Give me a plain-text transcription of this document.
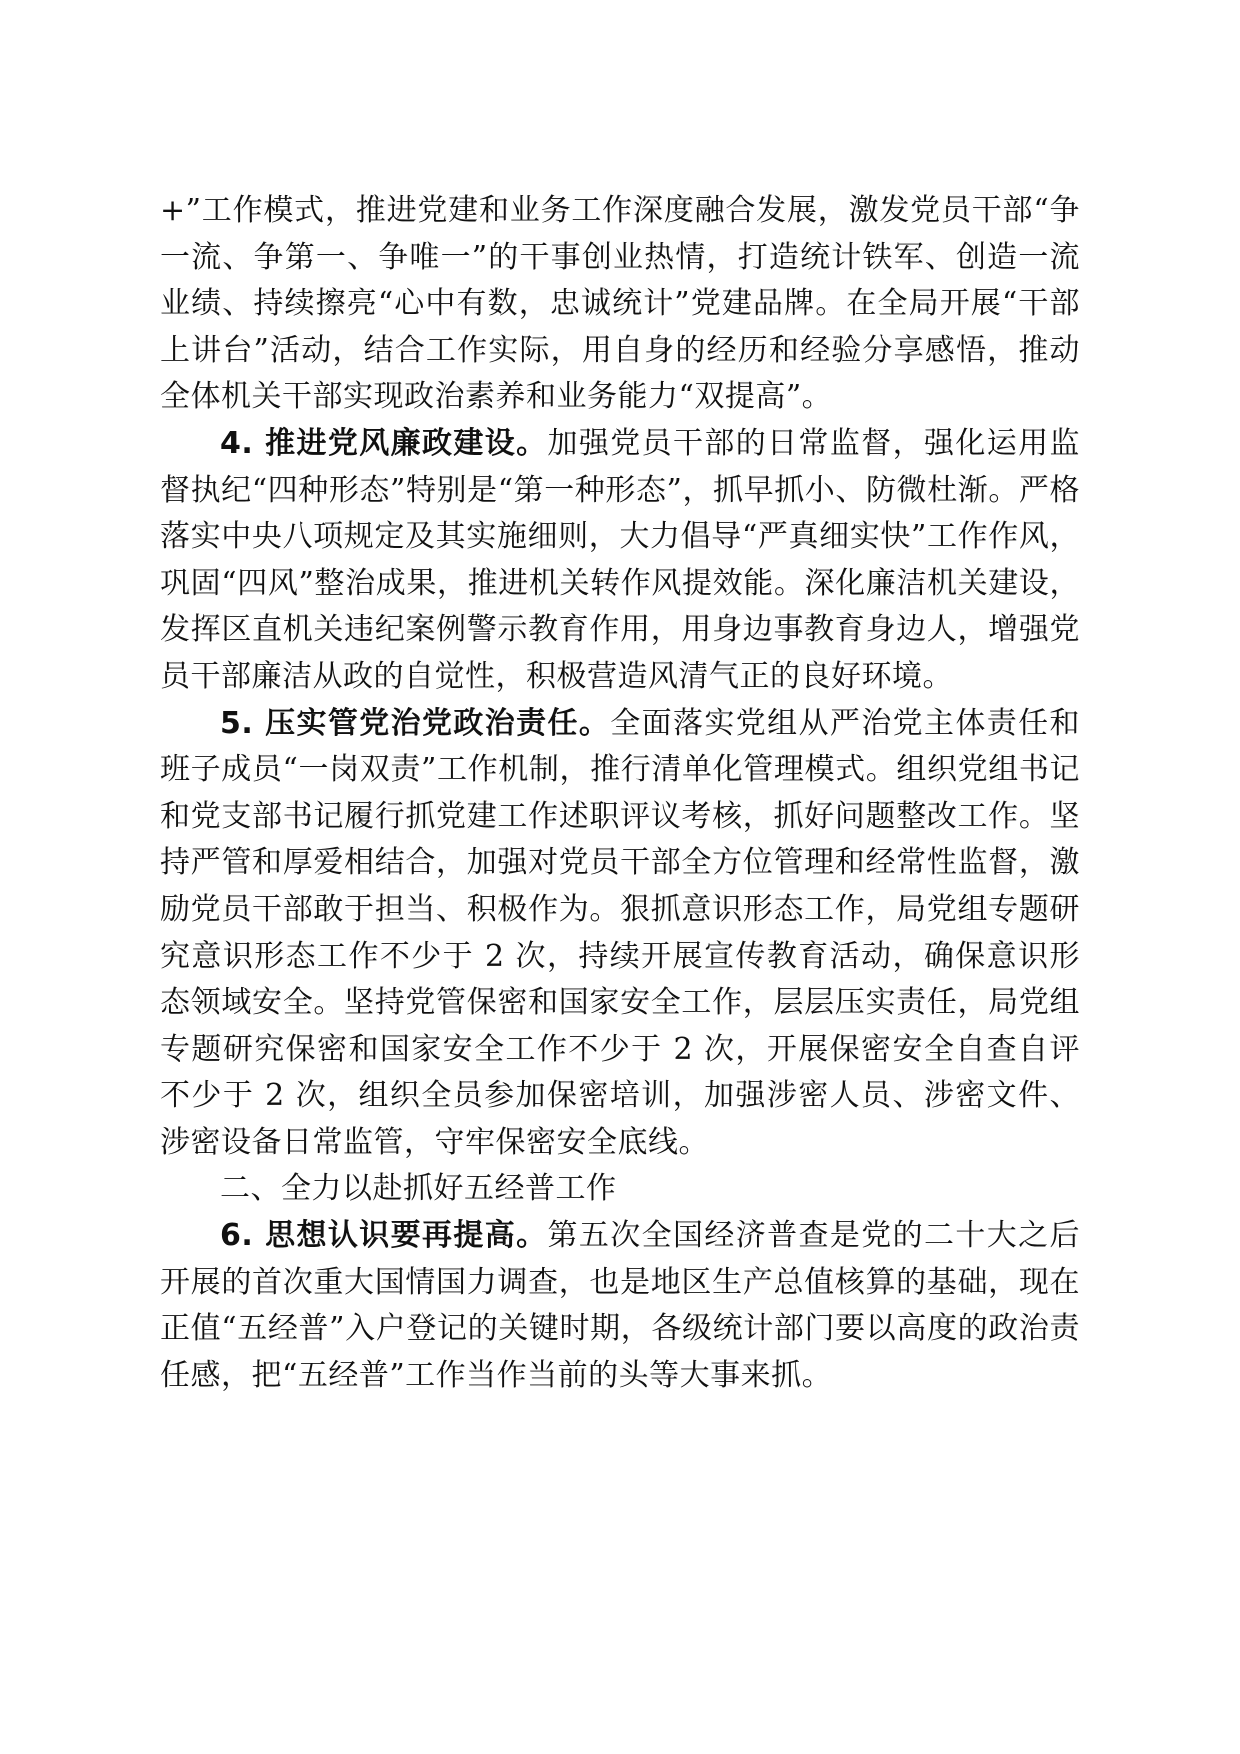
+”工作模式，推进党建和业务工作深度融合发展，激发党员干部“争一流、争第一、争唯一”的干事创业热情，打造统计铁军、创造一流业绩、持续擦亮“心中有数，忠诚统计”党建品牌。在全局开展“干部上讲台”活动，结合工作实际，用自身的经历和经验分享感悟，推动全体机关干部实现政治素养和业务能力“双提高”。

4. 推进党风廉政建设。加强党员干部的日常监督，强化运用监督执纪“四种形态”特别是“第一种形态”，抓早抓小、防微杜渐。严格落实中央八项规定及其实施细则，大力倡导“严真细实快”工作作风，巩固“四风”整治成果，推进机关转作风提效能。深化廉洁机关建设，发挥区直机关违纪案例警示教育作用，用身边事教育身边人，增强党员干部廉洁从政的自觉性，积极营造风清气正的良好环境。

5. 压实管党治党政治责任。全面落实党组从严治党主体责任和班子成员“一岗双责”工作机制，推行清单化管理模式。组织党组书记和党支部书记履行抓党建工作述职评议考核，抓好问题整改工作。坚持严管和厚爱相结合，加强对党员干部全方位管理和经常性监督，激励党员干部敢于担当、积极作为。狠抓意识形态工作，局党组专题研究意识形态工作不少于 2 次，持续开展宣传教育活动，确保意识形态领域安全。坚持党管保密和国家安全工作，层层压实责任，局党组专题研究保密和国家安全工作不少于 2 次，开展保密安全自查自评不少于 2 次，组织全员参加保密培训，加强涉密人员、涉密文件、涉密设备日常监管，守牢保密安全底线。

二、全力以赴抓好五经普工作

6. 思想认识要再提高。第五次全国经济普查是党的二十大之后开展的首次重大国情国力调查，也是地区生产总值核算的基础，现在正值“五经普”入户登记的关键时期，各级统计部门要以高度的政治责任感，把“五经普”工作当作当前的头等大事来抓。
